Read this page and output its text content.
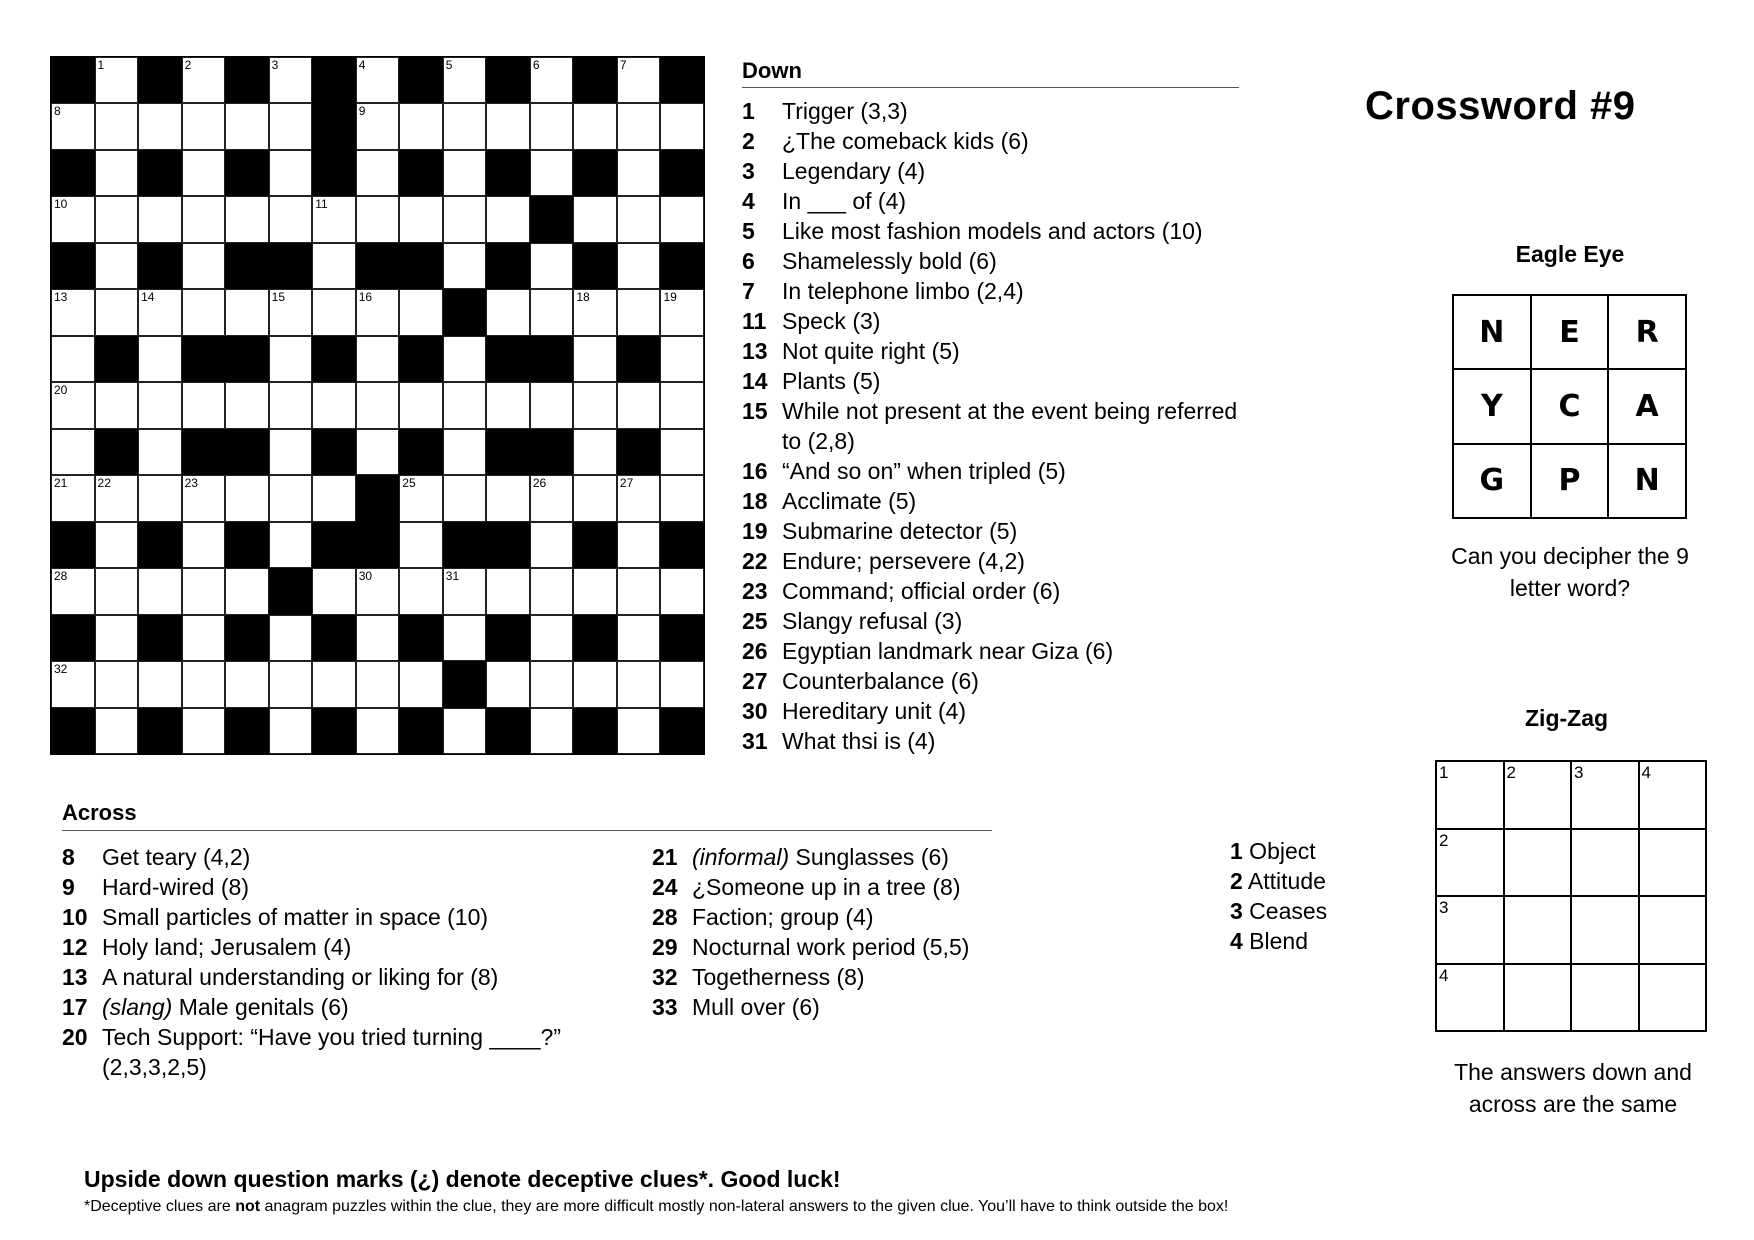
Crossword #9
1	2	3	4	5	6	7
8	9
10	11
13	14	15	16	18	19
20
21	22	23	25	26	27
28	30	31
32
Down
1	Trigger (3,3)
2	¿The comeback kids (6)
3	Legendary (4)
4	In ___ of (4)
5	Like most fashion models and actors (10)
6	Shamelessly bold (6)
7	In telephone limbo (2,4)
11 Speck (3)
13 Not quite right (5)
14 Plants (5)
15 While not present at the event being referred to (2,8)
16 “And so on” when tripled (5)
18 Acclimate (5)
19 Submarine detector (5)
22 Endure; persevere (4,2)
23 Command; official order (6)
25 Slangy refusal (3)
26 Egyptian landmark near Giza (6)
27 Counterbalance (6)
30 Hereditary unit (4)
31 What thsi is (4)
Across
8	Get teary (4,2)
9	Hard-wired (8)
10 Small particles of matter in space (10)
12 Holy land; Jerusalem (4)
13 A natural understanding or liking for (8)
17 (slang) Male genitals (6)
20 Tech Support: “Have you tried turning ____?” (2,3,3,2,5)
21 (informal) Sunglasses (6)
24 ¿Someone up in a tree (8)
28 Faction; group (4)
29 Nocturnal work period (5,5)
32 Togetherness (8)
33 Mull over (6)
Eagle Eye
N	E	R
Y	C	A
G	P	N
Can you decipher the 9 letter word?
Zig-Zag
1	2	3	4
2
3
4
1 Object
2 Attitude
3 Ceases
4 Blend
The answers down and across are the same
Upside down question marks (¿) denote deceptive clues*. Good luck!
*Deceptive clues are not anagram puzzles within the clue, they are more difficult mostly non-lateral answers to the given clue. You’ll have to think outside the box!
